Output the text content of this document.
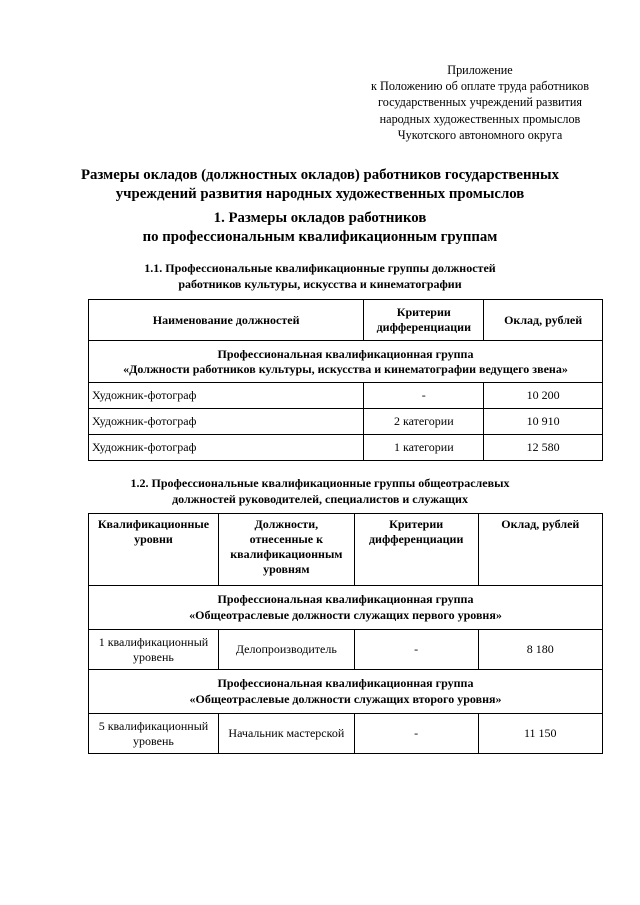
Приложение
к Положению об оплате труда работников
государственных учреждений развития
народных художественных промыслов
Чукотского автономного округа
Размеры окладов (должностных окладов) работников государственных
учреждений развития народных художественных промыслов
1. Размеры окладов работников
по профессиональным квалификационным группам
1.1. Профессиональные квалификационные группы должностей
работников культуры, искусства и кинематографии
Наименование должностей	Критерии дифференциации	Оклад, рублей

Профессиональная квалификационная группа
«Должности работников культуры, искусства и кинематографии ведущего звена»		

Художник-фотограф	-	10 200
Художник-фотограф	2 категории	10 910
Художник-фотограф	1 категории	12 580
1.2. Профессиональные квалификационные группы общеотраслевых
должностей руководителей, специалистов и служащих
Квалификационные уровни	Должности, отнесенные к квалификационным уровням	Критерии дифференциации	Оклад, рублей

Профессиональная квалификационная группа
«Общеотраслевые должности служащих первого уровня»			

1 квалификационный уровень	Делопроизводитель	-	8 180

Профессиональная квалификационная группа
«Общеотраслевые должности служащих второго уровня»			

5 квалификационный уровень	Начальник мастерской	-	11 150
